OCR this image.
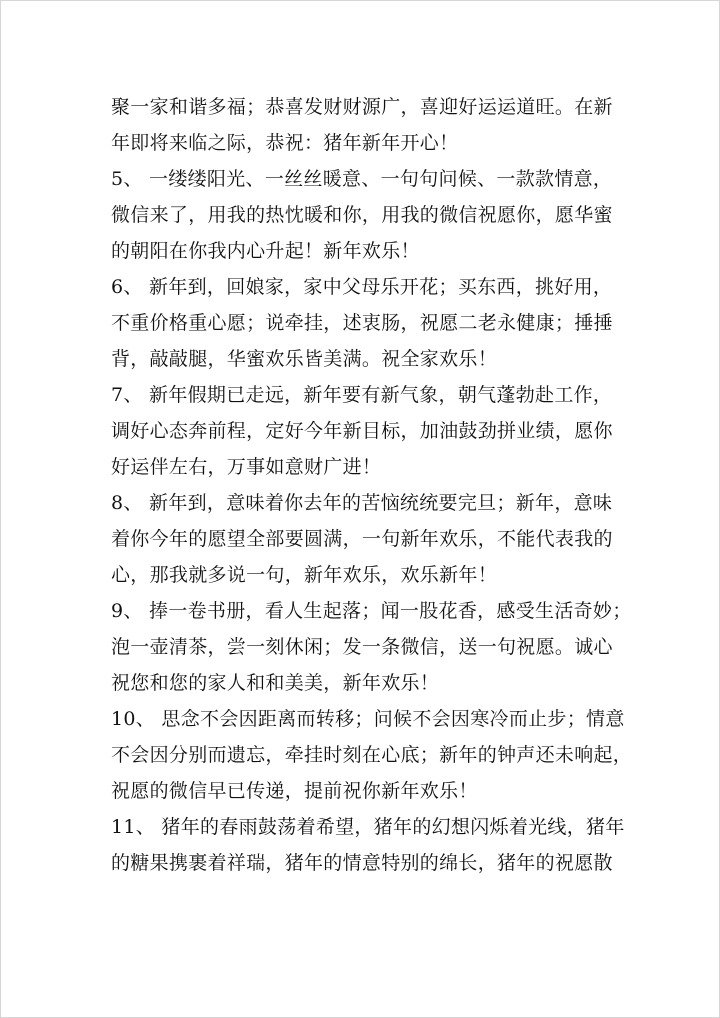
聚一家和谐多福；恭喜发财财源广，喜迎好运运道旺。在新
年即将来临之际，恭祝：猪年新年开心！
5、 一缕缕阳光、一丝丝暖意、一句句问候、一款款情意，
微信来了，用我的热忱暖和你，用我的微信祝愿你，愿华蜜
的朝阳在你我内心升起！新年欢乐！
6、 新年到，回娘家，家中父母乐开花；买东西，挑好用，
不重价格重心愿；说牵挂，述衷肠，祝愿二老永健康；捶捶
背，敲敲腿，华蜜欢乐皆美满。祝全家欢乐！
7、 新年假期已走远，新年要有新气象，朝气蓬勃赴工作，
调好心态奔前程，定好今年新目标，加油鼓劲拼业绩，愿你
好运伴左右，万事如意财广进！
8、 新年到，意味着你去年的苦恼统统要完旦；新年，意味
着你今年的愿望全部要圆满，一句新年欢乐，不能代表我的
心，那我就多说一句，新年欢乐，欢乐新年！
9、 捧一卷书册，看人生起落；闻一股花香，感受生活奇妙；
泡一壶清茶，尝一刻休闲；发一条微信，送一句祝愿。诚心
祝您和您的家人和和美美，新年欢乐！
10、 思念不会因距离而转移；问候不会因寒冷而止步；情意
不会因分别而遗忘，牵挂时刻在心底；新年的钟声还未响起，
祝愿的微信早已传递，提前祝你新年欢乐！
11、 猪年的春雨鼓荡着希望，猪年的幻想闪烁着光线，猪年
的糖果携裹着祥瑞，猪年的情意特别的绵长，猪年的祝愿散
